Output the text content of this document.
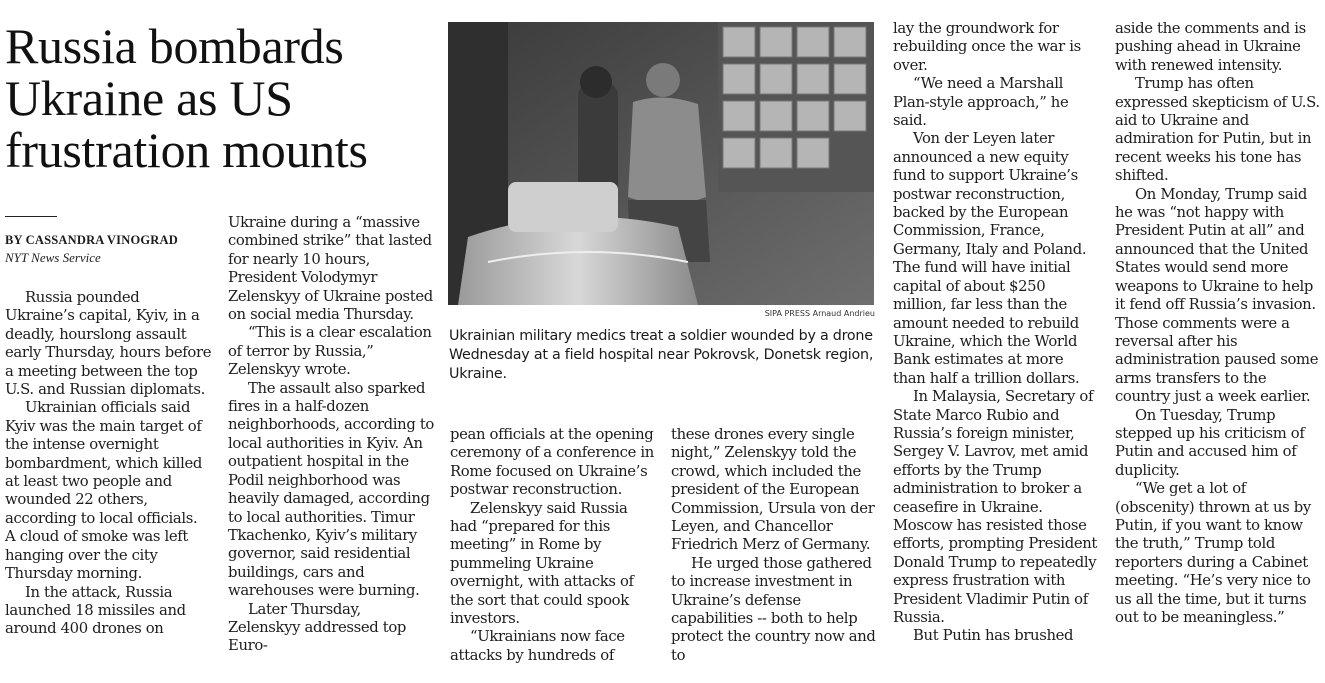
Russia bombards
Ukraine as US
frustration mounts
BY CASSANDRA VINOGRAD
NYT News Service

Russia pounded Ukraine’s capital, Kyiv, in a deadly, hourslong assault early Thursday, hours before a meeting between the top U.S. and Russian diplomats.

Ukrainian officials said Kyiv was the main target of the intense overnight bombardment, which killed at least two people and wounded 22 others, according to local officials. A cloud of smoke was left hanging over the city Thursday morning.

In the attack, Russia launched 18 missiles and around 400 drones on

Ukraine during a “massive combined strike” that lasted for nearly 10 hours, President Volodymyr Zelenskyy of Ukraine posted on social media Thursday.

“This is a clear escalation of terror by Russia,” Zelenskyy wrote.

The assault also sparked fires in a half-dozen neighborhoods, according to local authorities in Kyiv. An outpatient hospital in the Podil neighborhood was heavily damaged, according to local authorities. Timur Tkachenko, Kyiv’s military governor, said residential buildings, cars and warehouses were burning.

Later Thursday, Zelenskyy addressed top Euro-

SIPA PRESS Arnaud Andrieu

Ukrainian military medics treat a soldier wounded by a drone Wednesday at a field hospital near Pokrovsk, Donetsk region, Ukraine.

pean officials at the opening ceremony of a conference in Rome focused on Ukraine’s postwar reconstruction.

Zelenskyy said Russia had “prepared for this meeting” in Rome by pummeling Ukraine overnight, with attacks of the sort that could spook investors.

“Ukrainians now face attacks by hundreds of

these drones every single night,” Zelenskyy told the crowd, which included the president of the European Commission, Ursula von der Leyen, and Chancellor Friedrich Merz of Germany.

He urged those gathered to increase investment in Ukraine’s defense capabilities -- both to help protect the country now and to

lay the groundwork for rebuilding once the war is over.

“We need a Marshall Plan-style approach,” he said.

Von der Leyen later announced a new equity fund to support Ukraine’s postwar reconstruction, backed by the European Commission, France, Germany, Italy and Poland. The fund will have initial capital of about $250 million, far less than the amount needed to rebuild Ukraine, which the World Bank estimates at more than half a trillion dollars.

In Malaysia, Secretary of State Marco Rubio and Russia’s foreign minister, Sergey V. Lavrov, met amid efforts by the Trump administration to broker a ceasefire in Ukraine. Moscow has resisted those efforts, prompting President Donald Trump to repeatedly express frustration with President Vladimir Putin of Russia.

But Putin has brushed

aside the comments and is pushing ahead in Ukraine with renewed intensity.

Trump has often expressed skepticism of U.S. aid to Ukraine and admiration for Putin, but in recent weeks his tone has shifted.

On Monday, Trump said he was “not happy with President Putin at all” and announced that the United States would send more weapons to Ukraine to help it fend off Russia’s invasion. Those comments were a reversal after his administration paused some arms transfers to the country just a week earlier.

On Tuesday, Trump stepped up his criticism of Putin and accused him of duplicity.

“We get a lot of (obscenity) thrown at us by Putin, if you want to know the truth,” Trump told reporters during a Cabinet meeting. “He’s very nice to us all the time, but it turns out to be meaningless.”
